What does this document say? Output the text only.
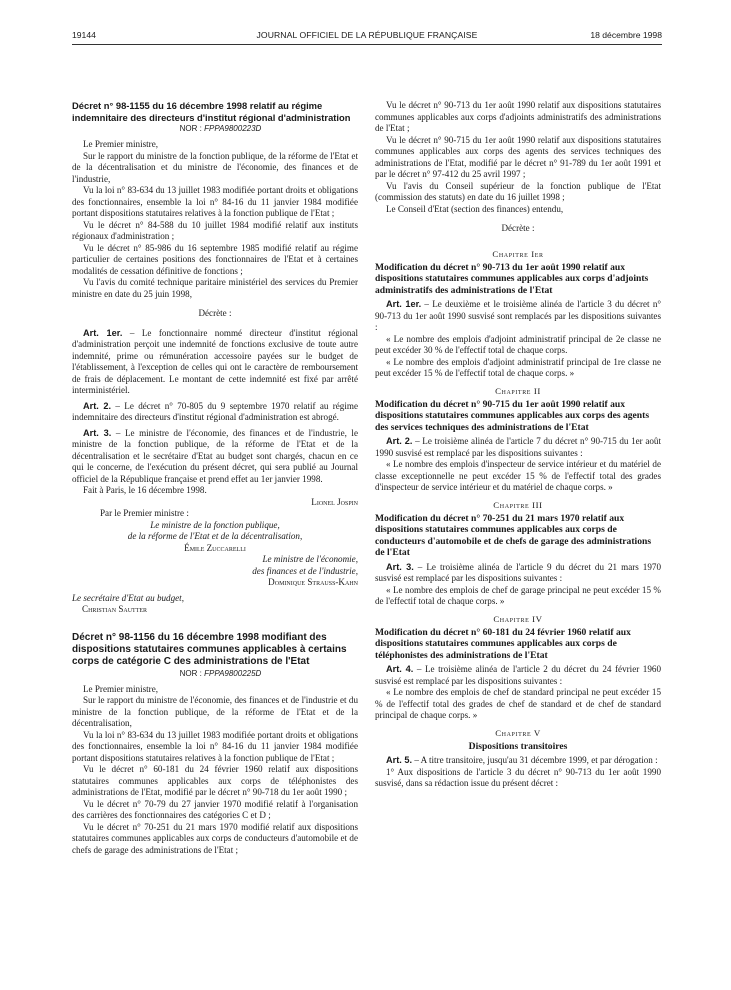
19144	JOURNAL OFFICIEL DE LA RÉPUBLIQUE FRANÇAISE	18 décembre 1998

Décret n° 98-1155 du 16 décembre 1998 relatif au régime indemnitaire des directeurs d'institut régional d'administration

NOR : FPPA9800223D

Le Premier ministre,

Sur le rapport du ministre de la fonction publique, de la réforme de l'Etat et de la décentralisation et du ministre de l'économie, des finances et de l'industrie,

Vu la loi n° 83-634 du 13 juillet 1983 modifiée portant droits et obligations des fonctionnaires, ensemble la loi n° 84-16 du 11 janvier 1984 modifiée portant dispositions statutaires relatives à la fonction publique de l'Etat ;

Vu le décret n° 84-588 du 10 juillet 1984 modifié relatif aux instituts régionaux d'administration ;

Vu le décret n° 85-986 du 16 septembre 1985 modifié relatif au régime particulier de certaines positions des fonctionnaires de l'Etat et à certaines modalités de cessation définitive de fonctions ;

Vu l'avis du comité technique paritaire ministériel des services du Premier ministre en date du 25 juin 1998,

Décrète :

Art. 1er. – Le fonctionnaire nommé directeur d'institut régional d'administration perçoit une indemnité de fonctions exclusive de toute autre indemnité, prime ou rémunération accessoire payées sur le budget de l'établissement, à l'exception de celles qui ont le caractère de remboursement de frais de déplacement. Le montant de cette indemnité est fixé par arrêté interministériel.

Art. 2. – Le décret n° 70-805 du 9 septembre 1970 relatif au régime indemnitaire des directeurs d'institut régional d'administration est abrogé.

Art. 3. – Le ministre de l'économie, des finances et de l'industrie, le ministre de la fonction publique, de la réforme de l'Etat et de la décentralisation et le secrétaire d'Etat au budget sont chargés, chacun en ce qui le concerne, de l'exécution du présent décret, qui sera publié au Journal officiel de la République française et prend effet au 1er janvier 1998.

Fait à Paris, le 16 décembre 1998.

Lionel Jospin

Par le Premier ministre :

Le ministre de la fonction publique,

de la réforme de l'Etat et de la décentralisation,

Émile Zuccarelli

Le ministre de l'économie,

des finances et de l'industrie,

Dominique Strauss-Kahn

Le secrétaire d'Etat au budget,

Christian Sautter

Décret n° 98-1156 du 16 décembre 1998 modifiant des dispositions statutaires communes applicables à certains corps de catégorie C des administrations de l'Etat

NOR : FPPA9800225D

Le Premier ministre,

Sur le rapport du ministre de l'économie, des finances et de l'industrie et du ministre de la fonction publique, de la réforme de l'Etat et de la décentralisation,

Vu la loi n° 83-634 du 13 juillet 1983 modifiée portant droits et obligations des fonctionnaires, ensemble la loi n° 84-16 du 11 janvier 1984 modifiée portant dispositions statutaires relatives à la fonction publique de l'Etat ;

Vu le décret n° 60-181 du 24 février 1960 relatif aux dispositions statutaires communes applicables aux corps de téléphonistes des administrations de l'Etat, modifié par le décret n° 90-718 du 1er août 1990 ;

Vu le décret n° 70-79 du 27 janvier 1970 modifié relatif à l'organisation des carrières des fonctionnaires des catégories C et D ;

Vu le décret n° 70-251 du 21 mars 1970 modifié relatif aux dispositions statutaires communes applicables aux corps de conducteurs d'automobile et de chefs de garage des administrations de l'Etat ;

Vu le décret n° 90-713 du 1er août 1990 relatif aux dispositions statutaires communes applicables aux corps d'adjoints administratifs des administrations de l'Etat ;

Vu le décret n° 90-715 du 1er août 1990 relatif aux dispositions statutaires communes applicables aux corps des agents des services techniques des administrations de l'Etat, modifié par le décret n° 91-789 du 1er août 1991 et par le décret n° 97-412 du 25 avril 1997 ;

Vu l'avis du Conseil supérieur de la fonction publique de l'Etat (commission des statuts) en date du 16 juillet 1998 ;

Le Conseil d'Etat (section des finances) entendu,

Décrète :

Chapitre Ier
Modification du décret n° 90-713 du 1er août 1990 relatif aux dispositions statutaires communes applicables aux corps d'adjoints administratifs des administrations de l'Etat

Art. 1er. – Le deuxième et le troisième alinéa de l'article 3 du décret n° 90-713 du 1er août 1990 susvisé sont remplacés par les dispositions suivantes :

« Le nombre des emplois d'adjoint administratif principal de 2e classe ne peut excéder 30 % de l'effectif total de chaque corps.

« Le nombre des emplois d'adjoint administratif principal de 1re classe ne peut excéder 15 % de l'effectif total de chaque corps. »

Chapitre II
Modification du décret n° 90-715 du 1er août 1990 relatif aux dispositions statutaires communes applicables aux corps des agents des services techniques des administrations de l'Etat

Art. 2. – Le troisième alinéa de l'article 7 du décret n° 90-715 du 1er août 1990 susvisé est remplacé par les dispositions suivantes :

« Le nombre des emplois d'inspecteur de service intérieur et du matériel de classe exceptionnelle ne peut excéder 15 % de l'effectif total des grades d'inspecteur de service intérieur et du matériel de chaque corps. »

Chapitre III
Modification du décret n° 70-251 du 21 mars 1970 relatif aux dispositions statutaires communes applicables aux corps de conducteurs d'automobile et de chefs de garage des administrations de l'Etat

Art. 3. – Le troisième alinéa de l'article 9 du décret du 21 mars 1970 susvisé est remplacé par les dispositions suivantes :

« Le nombre des emplois de chef de garage principal ne peut excéder 15 % de l'effectif total de chaque corps. »

Chapitre IV
Modification du décret n° 60-181 du 24 février 1960 relatif aux dispositions statutaires communes applicables aux corps de téléphonistes des administrations de l'Etat

Art. 4. – Le troisième alinéa de l'article 2 du décret du 24 février 1960 susvisé est remplacé par les dispositions suivantes :

« Le nombre des emplois de chef de standard principal ne peut excéder 15 % de l'effectif total des grades de chef de standard et de chef de standard principal de chaque corps. »

Chapitre V
Dispositions transitoires

Art. 5. – A titre transitoire, jusqu'au 31 décembre 1999, et par dérogation :

1° Aux dispositions de l'article 3 du décret n° 90-713 du 1er août 1990 susvisé, dans sa rédaction issue du présent décret :
